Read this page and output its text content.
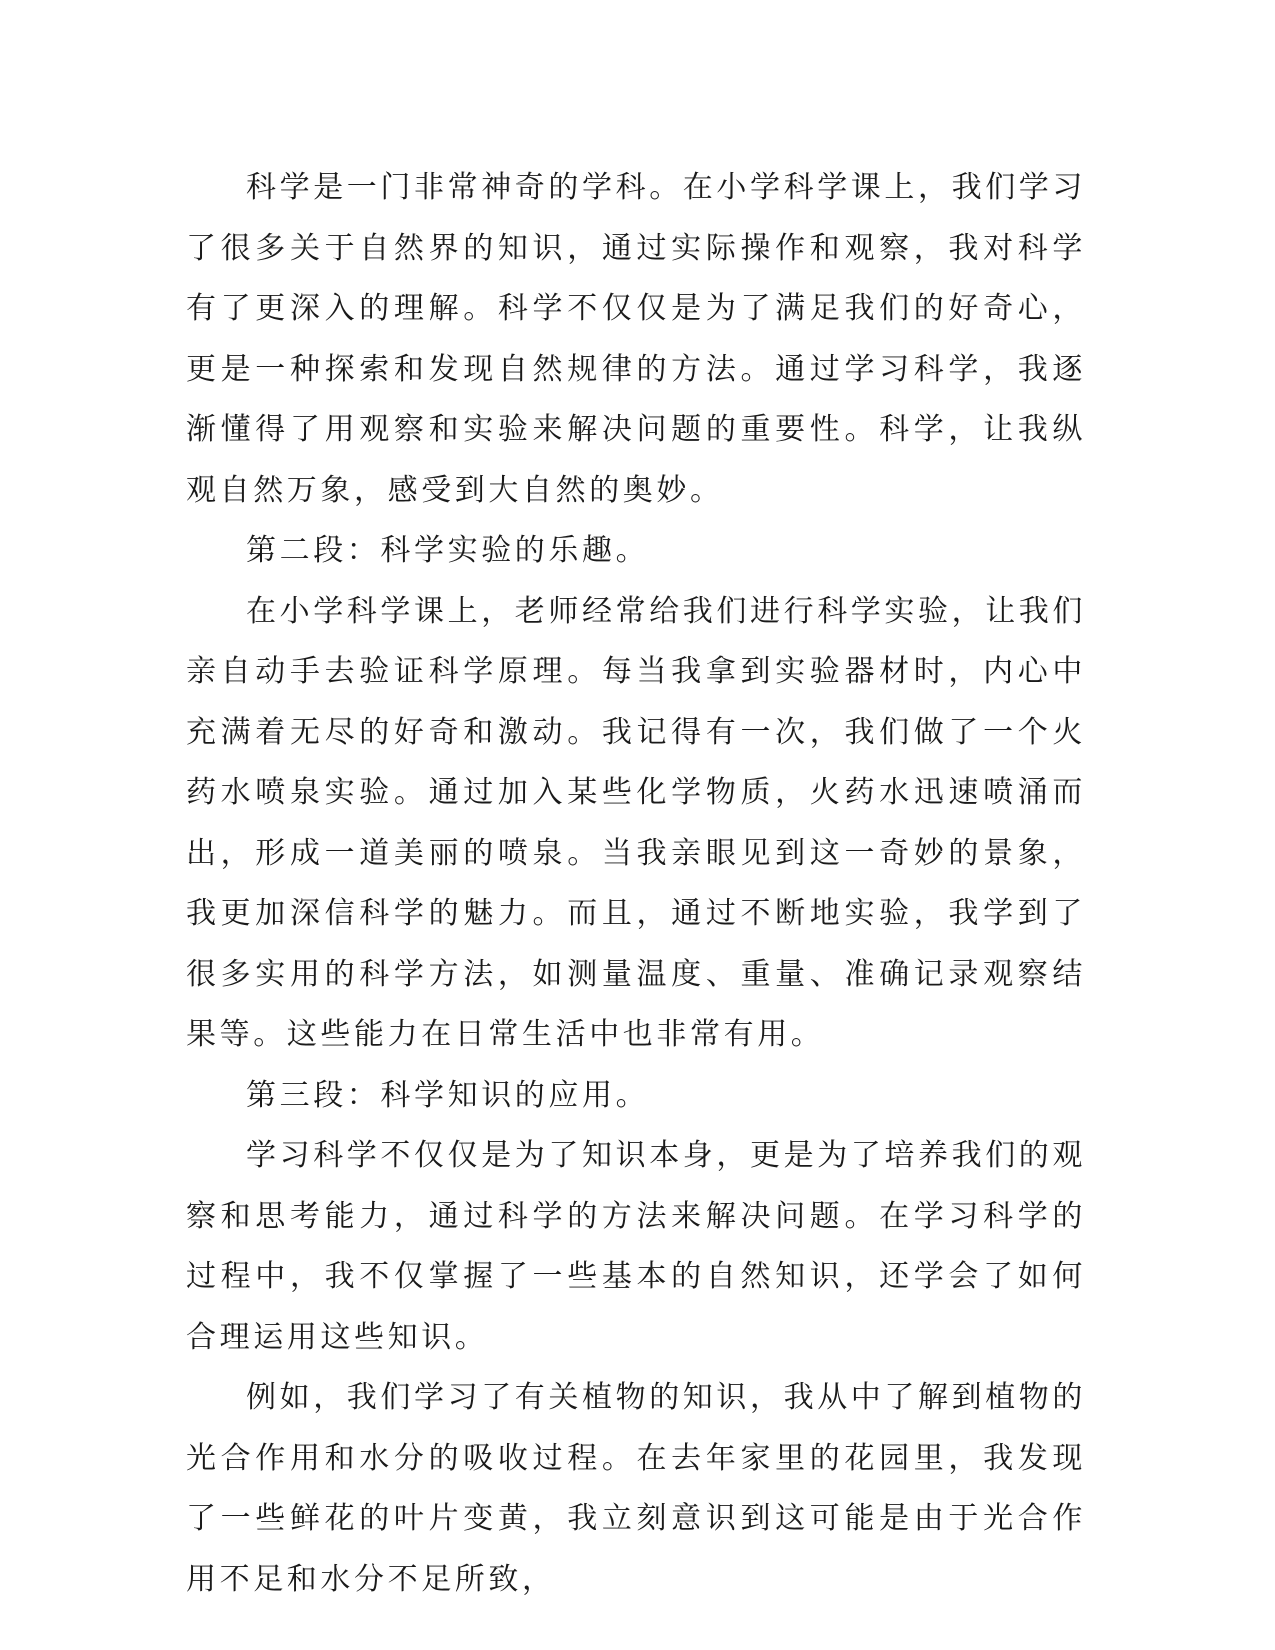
科学是一门非常神奇的学科。在小学科学课上，我们学习了很多关于自然界的知识，通过实际操作和观察，我对科学有了更深入的理解。科学不仅仅是为了满足我们的好奇心，更是一种探索和发现自然规律的方法。通过学习科学，我逐渐懂得了用观察和实验来解决问题的重要性。科学，让我纵观自然万象，感受到大自然的奥妙。

第二段：科学实验的乐趣。

在小学科学课上，老师经常给我们进行科学实验，让我们亲自动手去验证科学原理。每当我拿到实验器材时，内心中充满着无尽的好奇和激动。我记得有一次，我们做了一个火药水喷泉实验。通过加入某些化学物质，火药水迅速喷涌而出，形成一道美丽的喷泉。当我亲眼见到这一奇妙的景象，我更加深信科学的魅力。而且，通过不断地实验，我学到了很多实用的科学方法，如测量温度、重量、准确记录观察结果等。这些能力在日常生活中也非常有用。

第三段：科学知识的应用。

学习科学不仅仅是为了知识本身，更是为了培养我们的观察和思考能力，通过科学的方法来解决问题。在学习科学的过程中，我不仅掌握了一些基本的自然知识，还学会了如何合理运用这些知识。

例如，我们学习了有关植物的知识，我从中了解到植物的光合作用和水分的吸收过程。在去年家里的花园里，我发现了一些鲜花的叶片变黄，我立刻意识到这可能是由于光合作用不足和水分不足所致，
